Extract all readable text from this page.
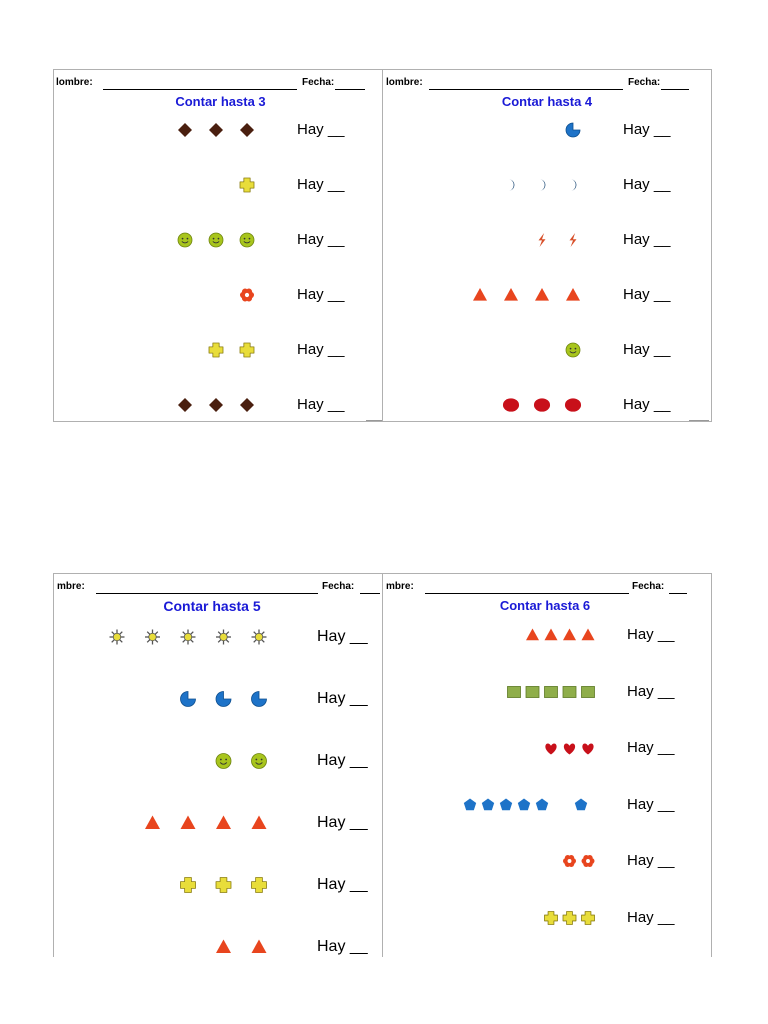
lombre:	Fecha:
Contar hasta 3
Hay __
Hay __
Hay __
Hay __
Hay __
Hay __
lombre:	Fecha:
Contar hasta 4
Hay __
Hay __
Hay __
Hay __
Hay __
Hay __
mbre:	Fecha:
Contar hasta 5
Hay __
Hay __
Hay __
Hay __
Hay __
Hay __
mbre:	Fecha:
Contar hasta 6
Hay __
Hay __
Hay __
Hay __
Hay __
Hay __
